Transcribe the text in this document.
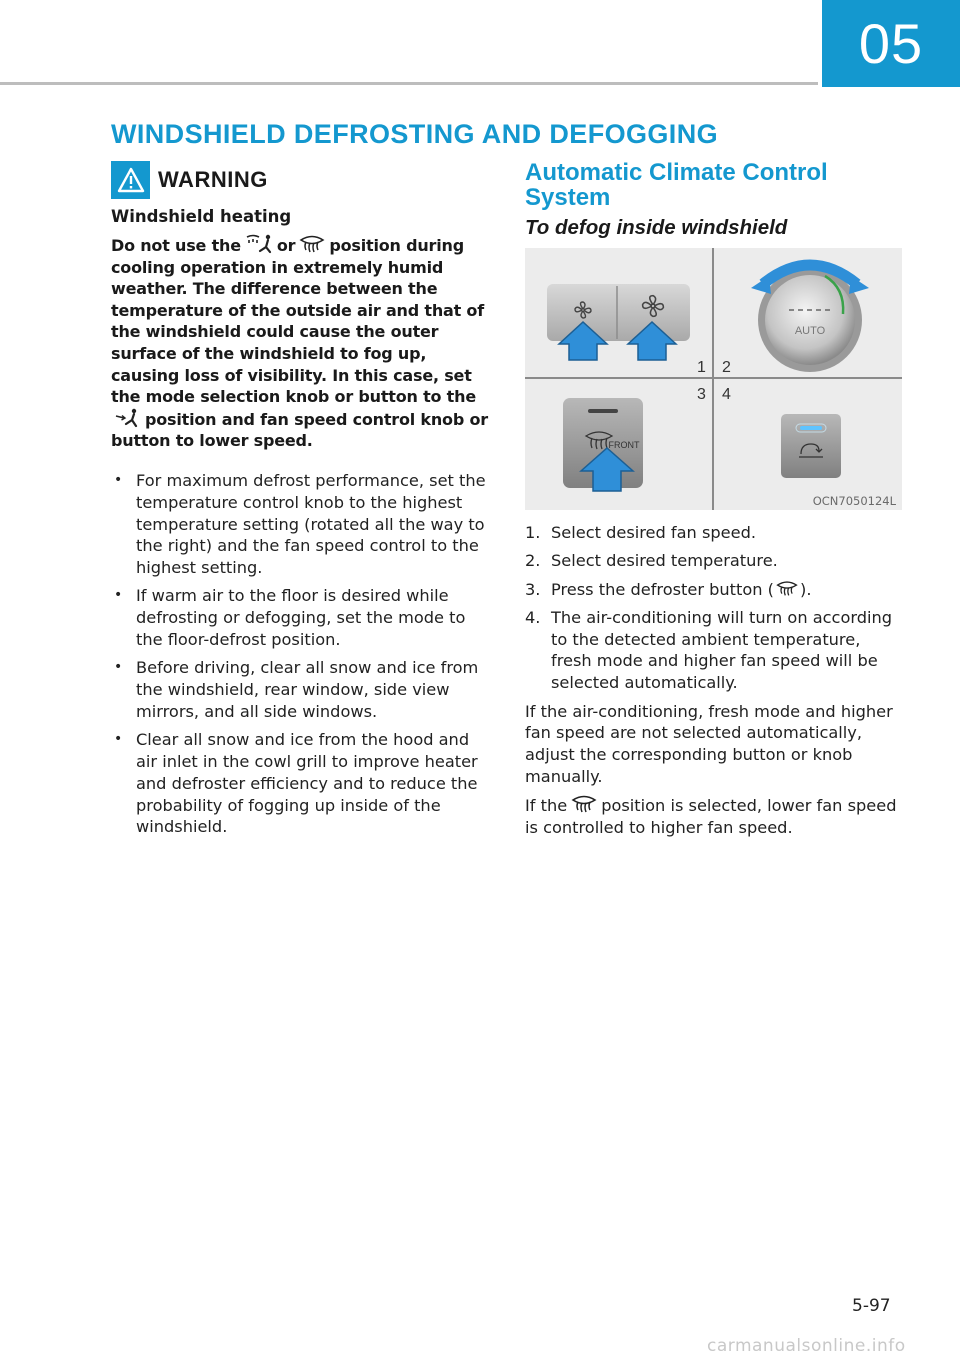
05
WINDSHIELD DEFROSTING AND DEFOGGING
WARNING
Windshield heating

Do not use the or position during cooling operation in extremely humid weather. The difference between the temperature of the outside air and that of the windshield could cause the outer surface of the windshield to fog up, causing loss of visibility. In this case, set the mode selection knob or button to theposition and fan speed control knob or button to lower speed.

• For maximum defrost performance, set the temperature control knob to the highest temperature setting (rotated all the way to the right) and the fan speed control to the highest setting.
• If warm air to the floor is desired while defrosting or defogging, set the mode to the floor-defrost position.
• Before driving, clear all snow and ice from the windshield, rear window, side view mirrors, and all side windows.
• Clear all snow and ice from the hood and air inlet in the cowl grill to improve heater and defroster efficiency and to reduce the probability of fogging up inside of the windshield.
Automatic Climate Control System
To defog inside windshield
1 2
3 4
AUTO
FRONT
OCN7050124L
1. Select desired fan speed.
2. Select desired temperature.
3. Press the defroster button ( ).
4. The air-conditioning will turn on according to the detected ambient temperature, fresh mode and higher fan speed will be selected automatically.

If the air-conditioning, fresh mode and higher fan speed are not selected automatically, adjust the corresponding button or knob manually.

If the position is selected, lower fan speed is controlled to higher fan speed.

5-97
carmanualsonline.info
